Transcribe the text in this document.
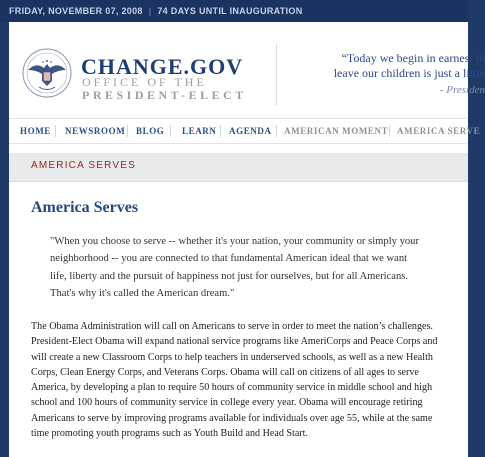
FRIDAY, NOVEMBER 07, 2008 | 74 DAYS UNTIL INAUGURATION
CHANGE.GOV
OFFICE OF THE
PRESIDENT-ELECT
“Today we begin in earnest th
leave our children is just a little
- Presiden
HOME NEWSROOM BLOG LEARN AGENDA AMERICAN MOMENT AMERICA SERVE
AMERICA SERVES
America Serves
"When you choose to serve -- whether it's your nation, your community or simply your
neighborhood -- you are connected to that fundamental American ideal that we want
life, liberty and the pursuit of happiness not just for ourselves, but for all Americans.
That's why it's called the American dream."
The Obama Administration will call on Americans to serve in order to meet the nation’s challenges.
President-Elect Obama will expand national service programs like AmeriCorps and Peace Corps and
will create a new Classroom Corps to help teachers in underserved schools, as well as a new Health
Corps, Clean Energy Corps, and Veterans Corps. Obama will call on citizens of all ages to serve
America, by developing a plan to require 50 hours of community service in middle school and high
school and 100 hours of community service in college every year. Obama will encourage retiring
Americans to serve by improving programs available for individuals over age 55, while at the same
time promoting youth programs such as Youth Build and Head Start.
